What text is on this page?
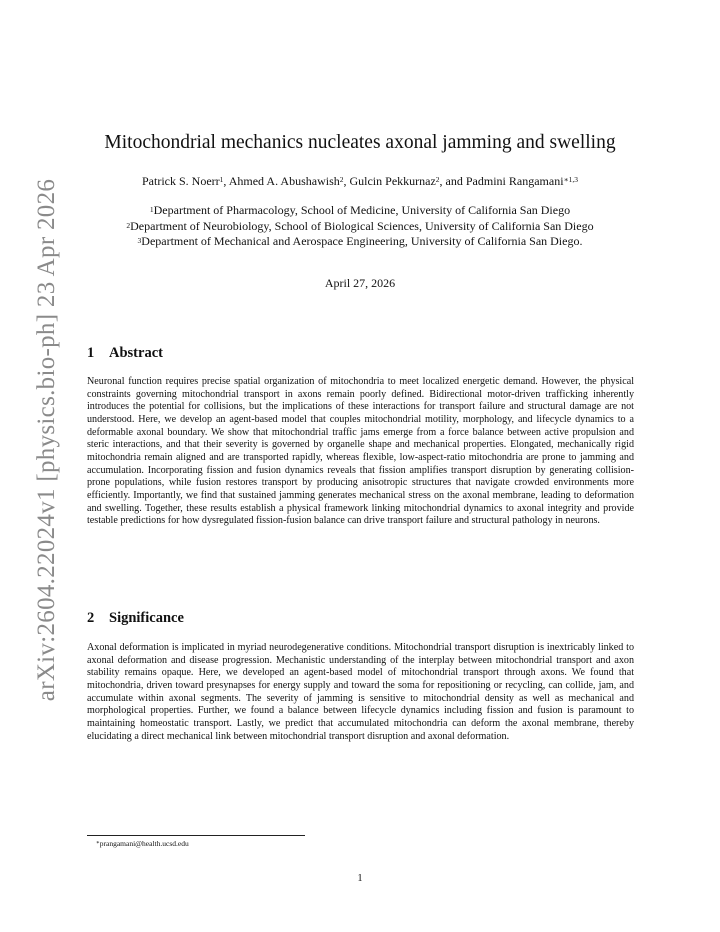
arXiv:2604.22024v1 [physics.bio-ph] 23 Apr 2026
Mitochondrial mechanics nucleates axonal jamming and swelling
Patrick S. Noerr$^1$, Ahmed A. Abushawish$^2$, Gulcin Pekkurnaz$^2$, and Padmini Rangamani$^{∗1,3}$
$^1$Department of Pharmacology, School of Medicine, University of California San Diego
$^2$Department of Neurobiology, School of Biological Sciences, University of California San Diego
$^3$Department of Mechanical and Aerospace Engineering, University of California San Diego.
April 27, 2026
1 Abstract

Neuronal function requires precise spatial organization of mitochondria to meet localized energetic demand. However, the physical constraints governing mitochondrial transport in axons remain poorly defined. Bidirectional motor-driven trafficking inherently introduces the potential for collisions, but the implications of these interactions for transport failure and structural damage are not understood. Here, we develop an agent-based model that couples mitochondrial motility, morphology, and lifecycle dynamics to a deformable axonal boundary. We show that mitochondrial traffic jams emerge from a force balance between active propulsion and steric interactions, and that their severity is governed by organelle shape and mechanical properties. Elongated, mechanically rigid mitochondria remain aligned and are transported rapidly, whereas flexible, low-aspect-ratio mitochondria are prone to jamming and accumulation. Incorporating fission and fusion dynamics reveals that fission amplifies transport disruption by generating collision-prone populations, while fusion restores transport by producing anisotropic structures that navigate crowded environments more efficiently. Importantly, we find that sustained jamming generates mechanical stress on the axonal membrane, leading to deformation and swelling. Together, these results establish a physical framework linking mitochondrial dynamics to axonal integrity and provide testable predictions for how dysregulated fission-fusion balance can drive transport failure and structural pathology in neurons.

2 Significance

Axonal deformation is implicated in myriad neurodegenerative conditions. Mitochondrial transport disruption is inextricably linked to axonal deformation and disease progression. Mechanistic understanding of the interplay between mitochondrial transport and axon stability remains opaque. Here, we developed an agent-based model of mitochondrial transport through axons. We found that mitochondria, driven toward presynapses for energy supply and toward the soma for repositioning or recycling, can collide, jam, and accumulate within axonal segments. The severity of jamming is sensitive to mitochondrial density as well as mechanical and morphological properties. Further, we found a balance between lifecycle dynamics including fission and fusion is paramount to maintaining homeostatic transport. Lastly, we predict that accumulated mitochondria can deform the axonal membrane, thereby elucidating a direct mechanical link between mitochondrial transport disruption and axonal deformation.

∗prangamani@health.ucsd.edu
1
